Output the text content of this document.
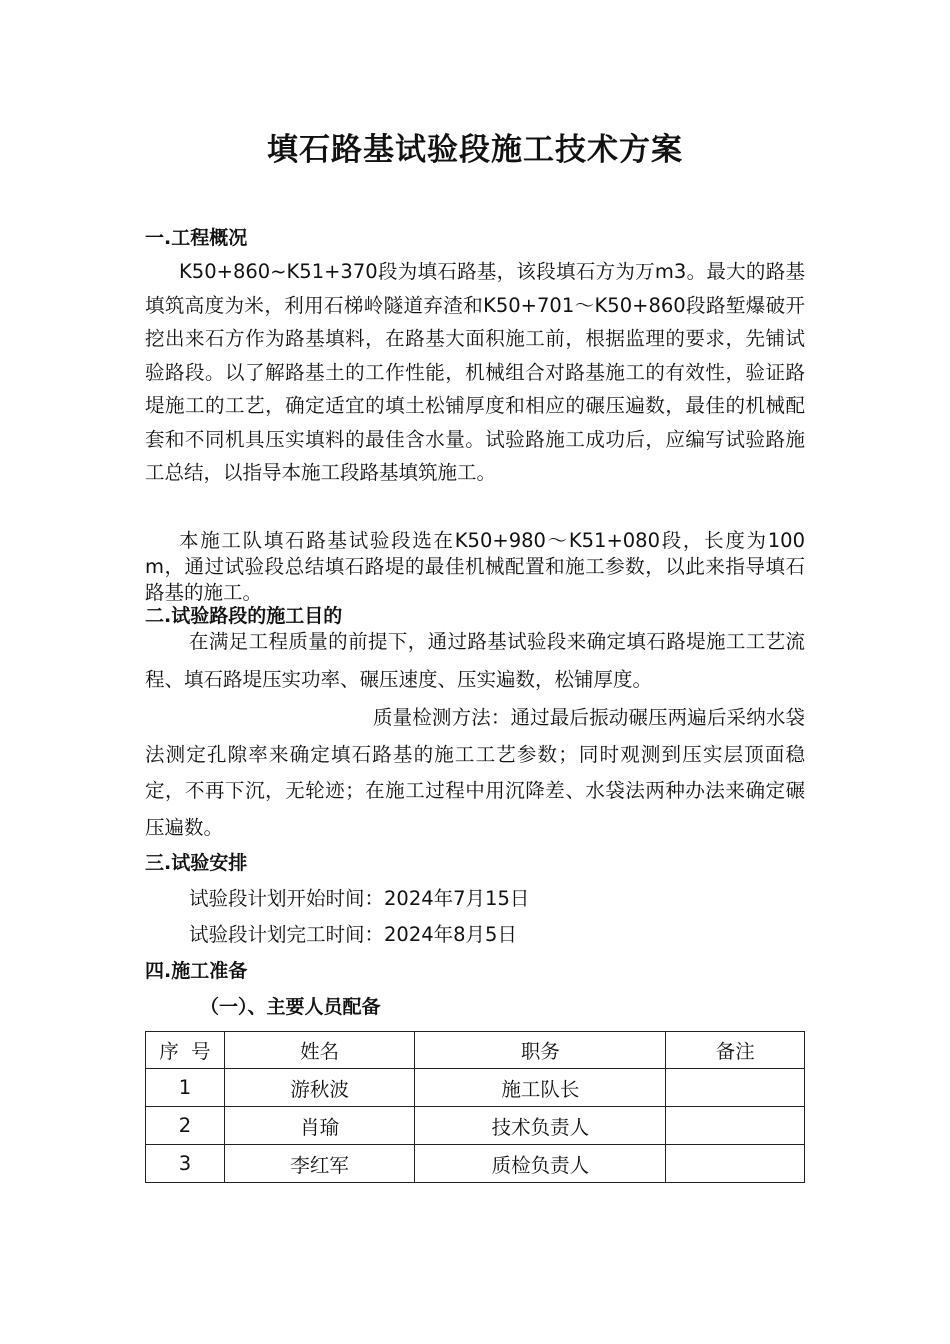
填石路基试验段施工技术方案
一.工程概况
K50+860~K51+370段为填石路基，该段填石方为万m3。最大的路基填筑高度为米，利用石梯岭隧道弃渣和K50+701～K50+860段路堑爆破开挖出来石方作为路基填料，在路基大面积施工前，根据监理的要求，先铺试验路段。以了解路基土的工作性能，机械组合对路基施工的有效性，验证路堤施工的工艺，确定适宜的填土松铺厚度和相应的碾压遍数，最佳的机械配套和不同机具压实填料的最佳含水量。试验路施工成功后，应编写试验路施工总结，以指导本施工段路基填筑施工。
本施工队填石路基试验段选在K50+980～K51+080段，长度为100m，通过试验段总结填石路堤的最佳机械配置和施工参数，以此来指导填石路基的施工。
二.试验路段的施工目的
在满足工程质量的前提下，通过路基试验段来确定填石路堤施工工艺流程、填石路堤压实功率、碾压速度、压实遍数，松铺厚度。
质量检测方法：通过最后振动碾压两遍后采纳水袋法测定孔隙率来确定填石路基的施工工艺参数；同时观测到压实层顶面稳定，不再下沉，无轮迹；在施工过程中用沉降差、水袋法两种办法来确定碾压遍数。
三.试验安排
试验段计划开始时间：2024年7月15日
试验段计划完工时间：2024年8月5日
四.施工准备
（一）、主要人员配备
序  号	姓名	职务	备注
1	游秋波	施工队长	
2	肖瑜	技术负责人	
3	李红军	质检负责人	
